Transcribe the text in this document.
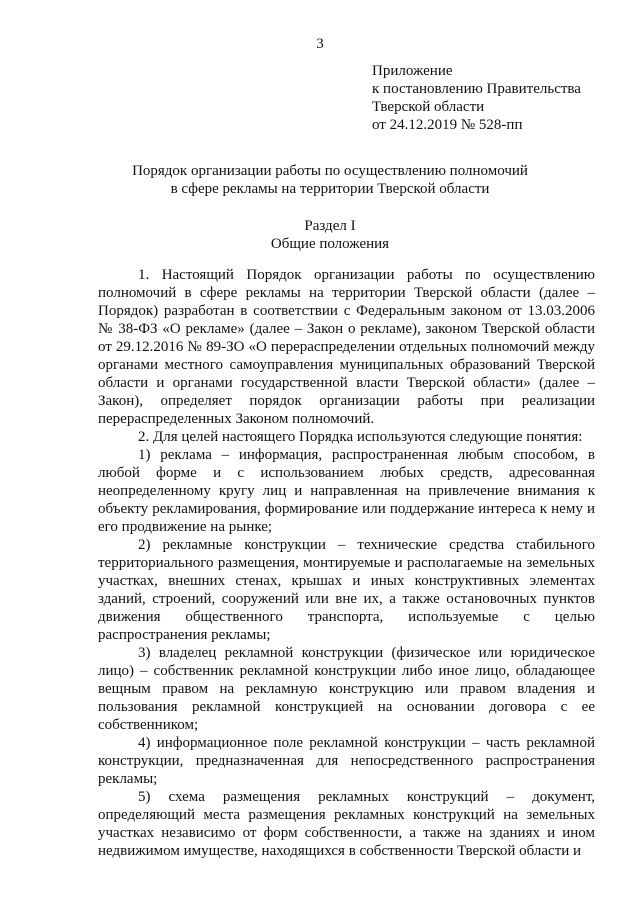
3
Приложение
к постановлению Правительства
Тверской области
от 24.12.2019 № 528-пп
Порядок организации работы по осуществлению полномочий
в сфере рекламы на территории Тверской области
Раздел I
Общие положения

1. Настоящий Порядок организации работы по осуществлению полномочий в сфере рекламы на территории Тверской области (далее – Порядок) разработан в соответствии с Федеральным законом от 13.03.2006 № 38-ФЗ «О рекламе» (далее – Закон о рекламе), законом Тверской области от 29.12.2016 № 89-ЗО «О перераспределении отдельных полномочий между органами местного самоуправления муниципальных образований Тверской области и органами государственной власти Тверской области» (далее – Закон), определяет порядок организации работы при реализации перераспределенных Законом полномочий.

2. Для целей настоящего Порядка используются следующие понятия:

1) реклама – информация, распространенная любым способом, в любой форме и с использованием любых средств, адресованная неопределенному кругу лиц и направленная на привлечение внимания к объекту рекламирования, формирование или поддержание интереса к нему и его продвижение на рынке;

2) рекламные конструкции – технические средства стабильного территориального размещения, монтируемые и располагаемые на земельных участках, внешних стенах, крышах и иных конструктивных элементах зданий, строений, сооружений или вне их, а также остановочных пунктов движения общественного транспорта, используемые с целью распространения рекламы;

3) владелец рекламной конструкции (физическое или юридическое лицо) – собственник рекламной конструкции либо иное лицо, обладающее вещным правом на рекламную конструкцию или правом владения и пользования рекламной конструкцией на основании договора с ее собственником;

4) информационное поле рекламной конструкции – часть рекламной конструкции, предназначенная для непосредственного распространения рекламы;

5) схема размещения рекламных конструкций – документ, определяющий места размещения рекламных конструкций на земельных участках независимо от форм собственности, а также на зданиях и ином недвижимом имуществе, находящихся в собственности Тверской области и
